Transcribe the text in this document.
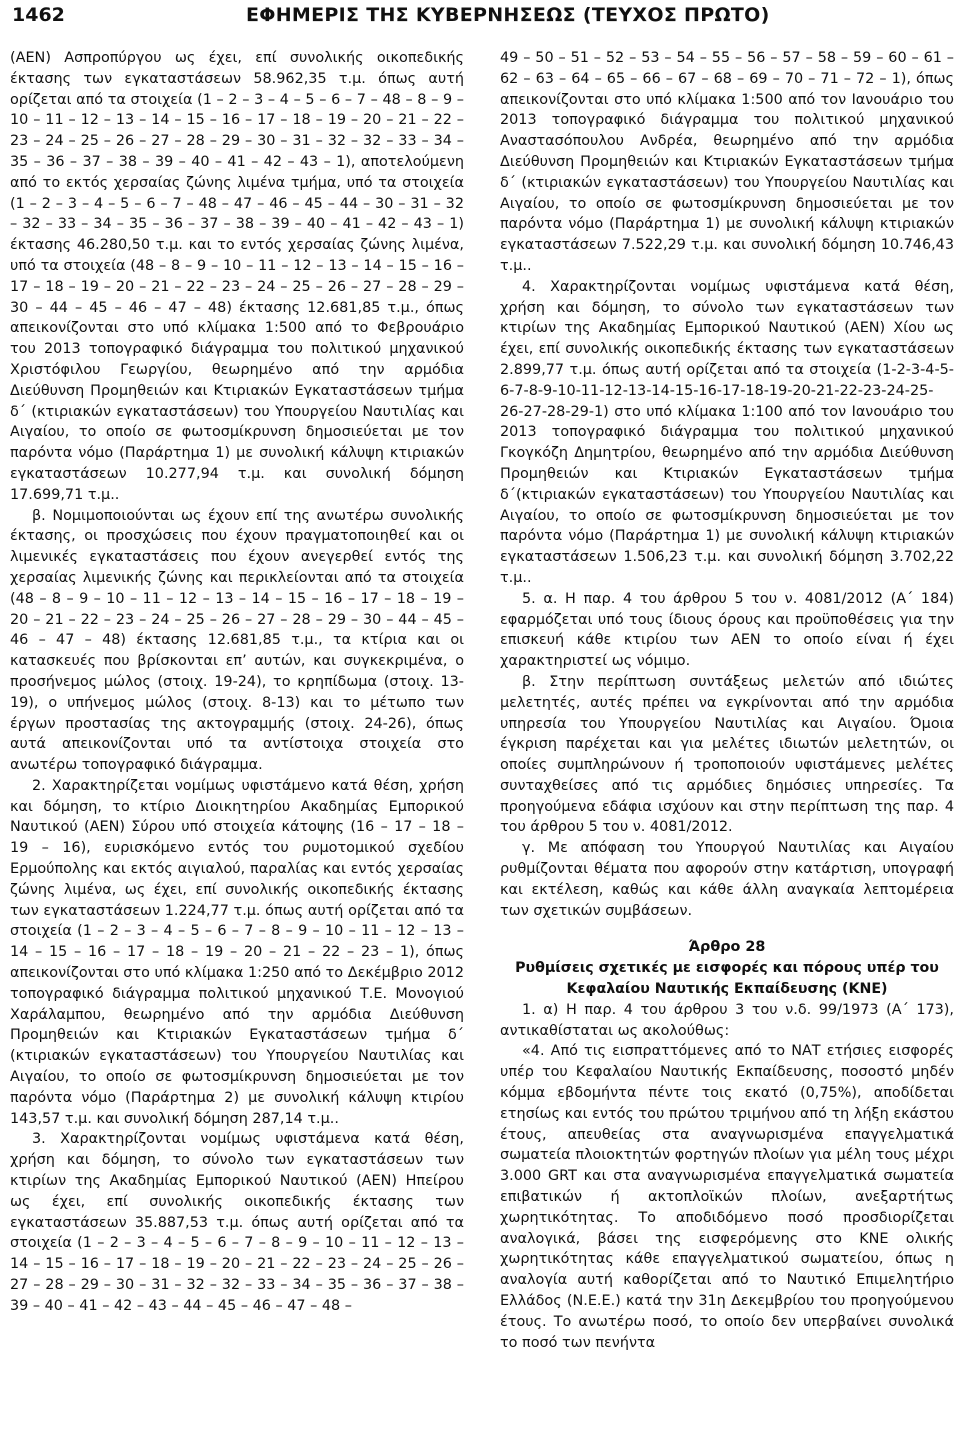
1462	ΕΦΗΜΕΡΙΣ ΤΗΣ ΚΥΒΕΡΝΗΣΕΩΣ (ΤΕΥΧΟΣ ΠΡΩΤΟ)

(ΑΕΝ) Ασπροπύργου ως έχει, επί συνολικής οικοπεδικής έκτασης των εγκαταστάσεων 58.962,35 τ.μ. όπως αυτή ορίζεται από τα στοιχεία (1 – 2 – 3 – 4 – 5 – 6 – 7 – 48 – 8 – 9 – 10 – 11 – 12 – 13 – 14 – 15 – 16 – 17 – 18 – 19 – 20 – 21 – 22 – 23 – 24 – 25 – 26 – 27 – 28 – 29 – 30 – 31 – 32 – 32 – 33 – 34 – 35 – 36 – 37 – 38 – 39 – 40 – 41 – 42 – 43 – 1), αποτελούμενη από το εκτός χερσαίας ζώνης λιμένα τμήμα, υπό τα στοιχεία (1 – 2 – 3 – 4 – 5 – 6 – 7 – 48 – 47 – 46 – 45 – 44 – 30 – 31 – 32 – 32 – 33 – 34 – 35 – 36 – 37 – 38 – 39 – 40 – 41 – 42 – 43 – 1) έκτασης 46.280,50 τ.μ. και το εντός χερσαίας ζώνης λιμένα, υπό τα στοιχεία (48 – 8 – 9 – 10 – 11 – 12 – 13 – 14 – 15 – 16 – 17 – 18 – 19 – 20 – 21 – 22 – 23 – 24 – 25 – 26 – 27 – 28 – 29 – 30 – 44 – 45 – 46 – 47 – 48) έκτασης 12.681,85 τ.μ., όπως απεικονίζονται στο υπό κλίμακα 1:500 από το Φεβρουάριο του 2013 τοπογραφικό διάγραμμα του πολιτικού μηχανικού Χριστόφιλου Γεωργίου, θεωρημένο από την αρμόδια Διεύθυνση Προμηθειών και Κτιριακών Εγκαταστάσεων τμήμα δ΄ (κτιριακών εγκαταστάσεων) του Υπουργείου Ναυτιλίας και Αιγαίου, το οποίο σε φωτοσμίκρυνση δημοσιεύεται με τον παρόντα νόμο (Παράρτημα 1) με συνολική κάλυψη κτιριακών εγκαταστάσεων 10.277,94 τ.μ. και συνολική δόμηση 17.699,71 τ.μ..

β. Νομιμοποιούνται ως έχουν επί της ανωτέρω συνολικής έκτασης, οι προσχώσεις που έχουν πραγματοποιηθεί και οι λιμενικές εγκαταστάσεις που έχουν ανεγερθεί εντός της χερσαίας λιμενικής ζώνης και περικλείονται από τα στοιχεία (48 – 8 – 9 – 10 – 11 – 12 – 13 – 14 – 15 – 16 – 17 – 18 – 19 – 20 – 21 – 22 – 23 – 24 – 25 – 26 – 27 – 28 – 29 – 30 – 44 – 45 – 46 – 47 – 48) έκτασης 12.681,85 τ.μ., τα κτίρια και οι κατασκευές που βρίσκονται επ’ αυτών, και συγκεκριμένα, ο προσήνεμος μώλος (στοιχ. 19-24), το κρηπίδωμα (στοιχ. 13-19), ο υπήνεμος μώλος (στοιχ. 8-13) και το μέτωπο των έργων προστασίας της ακτογραμμής (στοιχ. 24-26), όπως αυτά απεικονίζονται υπό τα αντίστοιχα στοιχεία στο ανωτέρω τοπογραφικό διάγραμμα.

2. Χαρακτηρίζεται νομίμως υφιστάμενο κατά θέση, χρήση και δόμηση, το κτίριο Διοικητηρίου Ακαδημίας Εμπορικού Ναυτικού (ΑΕΝ) Σύρου υπό στοιχεία κάτοψης (16 – 17 – 18 – 19 – 16), ευρισκόμενο εντός του ρυμοτομικού σχεδίου Ερμούπολης και εκτός αιγιαλού, παραλίας και εντός χερσαίας ζώνης λιμένα, ως έχει, επί συνολικής οικοπεδικής έκτασης των εγκαταστάσεων 1.224,77 τ.μ. όπως αυτή ορίζεται από τα στοιχεία (1 – 2 – 3 – 4 – 5 – 6 – 7 – 8 – 9 – 10 – 11 – 12 – 13 – 14 – 15 – 16 – 17 – 18 – 19 – 20 – 21 – 22 – 23 – 1), όπως απεικονίζονται στο υπό κλίμακα 1:250 από το Δεκέμβριο 2012 τοπογραφικό διάγραμμα πολιτικού μηχανικού Τ.Ε. Μονογιού Χαράλαμπου, θεωρημένο από την αρμόδια Διεύθυνση Προμηθειών και Κτιριακών Εγκαταστάσεων τμήμα δ΄ (κτιριακών εγκαταστάσεων) του Υπουργείου Ναυτιλίας και Αιγαίου, το οποίο σε φωτοσμίκρυνση δημοσιεύεται με τον παρόντα νόμο (Παράρτημα 2) με συνολική κάλυψη κτιρίου 143,57 τ.μ. και συνολική δόμηση 287,14 τ.μ..

3. Χαρακτηρίζονται νομίμως υφιστάμενα κατά θέση, χρήση και δόμηση, το σύνολο των εγκαταστάσεων των κτιρίων της Ακαδημίας Εμπορικού Ναυτικού (ΑΕΝ) Ηπείρου ως έχει, επί συνολικής οικοπεδικής έκτασης των εγκαταστάσεων 35.887,53 τ.μ. όπως αυτή ορίζεται από τα στοιχεία (1 – 2 – 3 – 4 – 5 – 6 – 7 – 8 – 9 – 10 – 11 – 12 – 13 – 14 – 15 – 16 – 17 – 18 – 19 – 20 – 21 – 22 – 23 – 24 – 25 – 26 – 27 – 28 – 29 – 30 – 31 – 32 – 32 – 33 – 34 – 35 – 36 – 37 – 38 – 39 – 40 – 41 – 42 – 43 – 44 – 45 – 46 – 47 – 48 –

49 – 50 – 51 – 52 – 53 – 54 – 55 – 56 – 57 – 58 – 59 – 60 – 61 – 62 – 63 – 64 – 65 – 66 – 67 – 68 – 69 – 70 – 71 – 72 – 1), όπως απεικονίζονται στο υπό κλίμακα 1:500 από τον Ιανουάριο του 2013 τοπογραφικό διάγραμμα του πολιτικού μηχανικού Αναστασόπουλου Ανδρέα, θεωρημένο από την αρμόδια Διεύθυνση Προμηθειών και Κτιριακών Εγκαταστάσεων τμήμα δ΄ (κτιριακών εγκαταστάσεων) του Υπουργείου Ναυτιλίας και Αιγαίου, το οποίο σε φωτοσμίκρυνση δημοσιεύεται με τον παρόντα νόμο (Παράρτημα 1) με συνολική κάλυψη κτιριακών εγκαταστάσεων 7.522,29 τ.μ. και συνολική δόμηση 10.746,43 τ.μ..

4. Χαρακτηρίζονται νομίμως υφιστάμενα κατά θέση, χρήση και δόμηση, το σύνολο των εγκαταστάσεων των κτιρίων της Ακαδημίας Εμπορικού Ναυτικού (ΑΕΝ) Χίου ως έχει, επί συνολικής οικοπεδικής έκτασης των εγκαταστάσεων 2.899,77 τ.μ. όπως αυτή ορίζεται από τα στοιχεία (1-2-3-4-5-6-7-8-9-10-11-12-13-14-15-16-17-18-19-20-21-22-23-24-25-26-27-28-29-1) στο υπό κλίμακα 1:100 από τον Ιανουάριο του 2013 τοπογραφικό διάγραμμα του πολιτικού μηχανικού Γκογκόζη Δημητρίου, θεωρημένο από την αρμόδια Διεύθυνση Προμηθειών και Κτιριακών Εγκαταστάσεων τμήμα δ΄(κτιριακών εγκαταστάσεων) του Υπουργείου Ναυτιλίας και Αιγαίου, το οποίο σε φωτοσμίκρυνση δημοσιεύεται με τον παρόντα νόμο (Παράρτημα 1) με συνολική κάλυψη κτιριακών εγκαταστάσεων 1.506,23 τ.μ. και συνολική δόμηση 3.702,22 τ.μ..

5. α. Η παρ. 4 του άρθρου 5 του ν. 4081/2012 (Α΄ 184) εφαρμόζεται υπό τους ίδιους όρους και προϋποθέσεις για την επισκευή κάθε κτιρίου των ΑΕΝ το οποίο είναι ή έχει χαρακτηριστεί ως νόμιμο.

β. Στην περίπτωση συντάξεως μελετών από ιδιώτες μελετητές, αυτές πρέπει να εγκρίνονται από την αρμόδια υπηρεσία του Υπουργείου Ναυτιλίας και Αιγαίου. Όμοια έγκριση παρέχεται και για μελέτες ιδιωτών μελετητών, οι οποίες συμπληρώνουν ή τροποποιούν υφιστάμενες μελέτες συνταχθείσες από τις αρμόδιες δημόσιες υπηρεσίες. Τα προηγούμενα εδάφια ισχύουν και στην περίπτωση της παρ. 4 του άρθρου 5 του ν. 4081/2012.

γ. Με απόφαση του Υπουργού Ναυτιλίας και Αιγαίου ρυθμίζονται θέματα που αφορούν στην κατάρτιση, υπογραφή και εκτέλεση, καθώς και κάθε άλλη αναγκαία λεπτομέρεια των σχετικών συμβάσεων.

Άρθρο 28

Ρυθμίσεις σχετικές με εισφορές και πόρους υπέρ του Κεφαλαίου Ναυτικής Εκπαίδευσης (ΚΝΕ)

1. α) Η παρ. 4 του άρθρου 3 του ν.δ. 99/1973 (Α΄ 173), αντικαθίσταται ως ακολούθως:

«4. Από τις εισπραττόμενες από το ΝΑΤ ετήσιες εισφορές υπέρ του Κεφαλαίου Ναυτικής Εκπαίδευσης, ποσοστό μηδέν κόμμα εβδομήντα πέντε τοις εκατό (0,75%), αποδίδεται ετησίως και εντός του πρώτου τριμήνου από τη λήξη εκάστου έτους, απευθείας στα αναγνωρισμένα επαγγελματικά σωματεία πλοιοκτητών φορτηγών πλοίων για μέλη τους μέχρι 3.000 GRT και στα αναγνωρισμένα επαγγελματικά σωματεία επιβατικών ή ακτοπλοϊκών πλοίων, ανεξαρτήτως χωρητικότητας. Το αποδιδόμενο ποσό προσδιορίζεται αναλογικά, βάσει της εισφερόμενης στο ΚΝΕ ολικής χωρητικότητας κάθε επαγγελματικού σωματείου, όπως η αναλογία αυτή καθορίζεται από το Ναυτικό Επιμελητήριο Ελλάδος (Ν.Ε.Ε.) κατά την 31η Δεκεμβρίου του προηγούμενου έτους. Το ανωτέρω ποσό, το οποίο δεν υπερβαίνει συνολικά το ποσό των πενήντα
